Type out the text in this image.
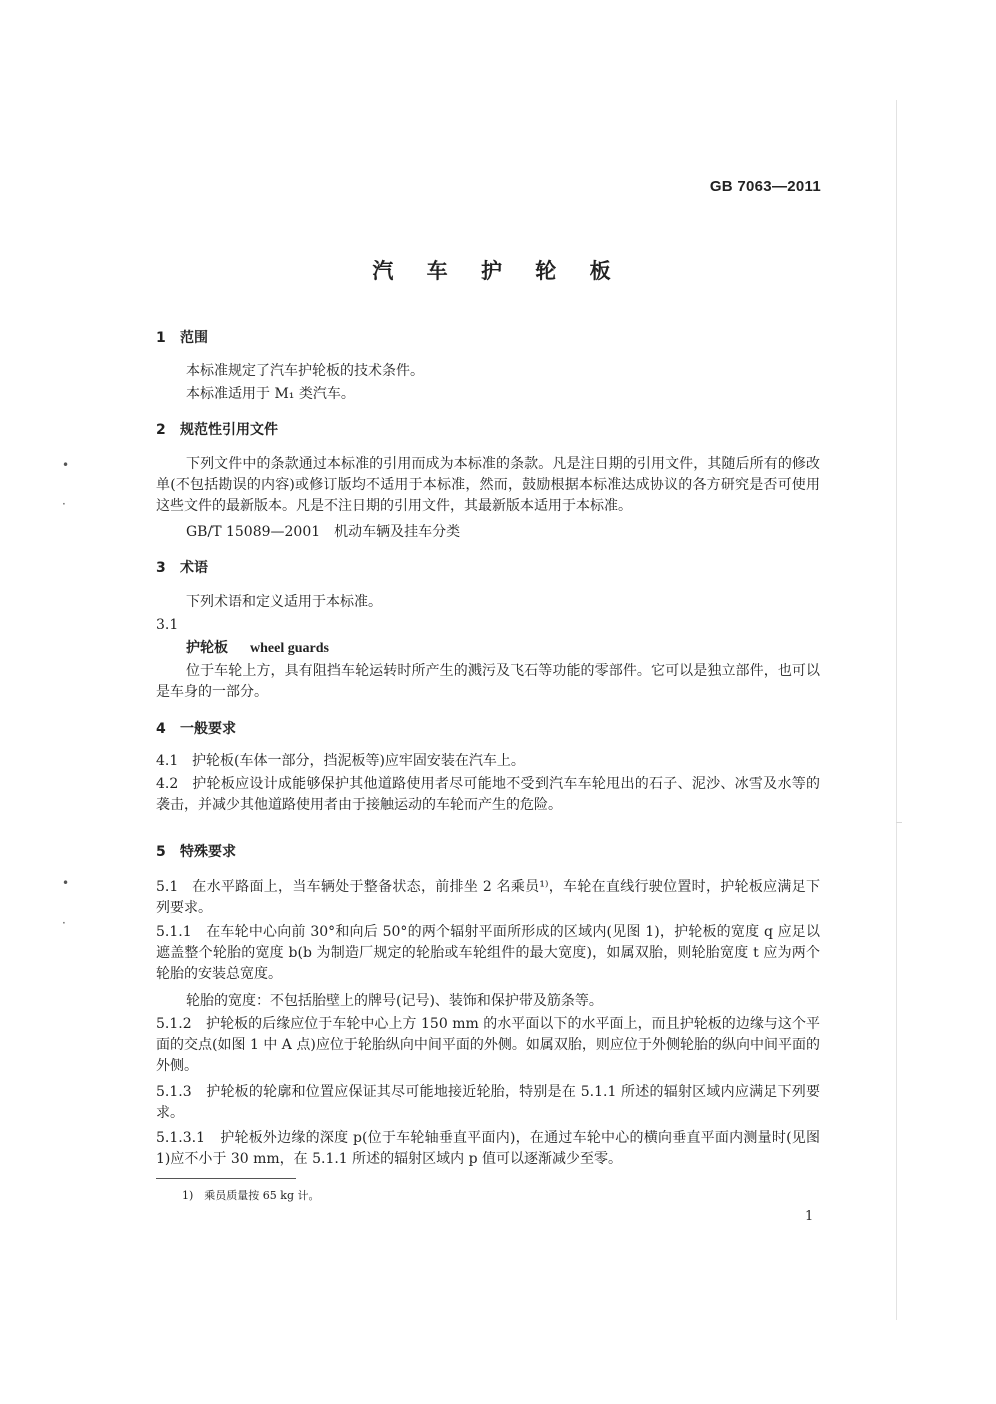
•
·
•
·
GB 7063—2011
汽 车 护 轮 板
1 范围
本标准规定了汽车护轮板的技术条件。
本标准适用于 M₁ 类汽车。
2 规范性引用文件
下列文件中的条款通过本标准的引用而成为本标准的条款。凡是注日期的引用文件，其随后所有的修改单(不包括勘误的内容)或修订版均不适用于本标准，然而，鼓励根据本标准达成协议的各方研究是否可使用这些文件的最新版本。凡是不注日期的引用文件，其最新版本适用于本标准。
GB/T 15089—2001　机动车辆及挂车分类
3 术语
下列术语和定义适用于本标准。
3.1
护轮板 wheel guards
位于车轮上方，具有阻挡车轮运转时所产生的溅污及飞石等功能的零部件。它可以是独立部件，也可以是车身的一部分。
4 一般要求
4.1 护轮板(车体一部分，挡泥板等)应牢固安装在汽车上。
4.2 护轮板应设计成能够保护其他道路使用者尽可能地不受到汽车车轮甩出的石子、泥沙、冰雪及水等的袭击，并减少其他道路使用者由于接触运动的车轮而产生的危险。
5 特殊要求
5.1 在水平路面上，当车辆处于整备状态，前排坐 2 名乘员¹⁾，车轮在直线行驶位置时，护轮板应满足下列要求。
5.1.1 在车轮中心向前 30°和向后 50°的两个辐射平面所形成的区域内(见图 1)，护轮板的宽度 q 应足以遮盖整个轮胎的宽度 b(b 为制造厂规定的轮胎或车轮组件的最大宽度)，如属双胎，则轮胎宽度 t 应为两个轮胎的安装总宽度。
轮胎的宽度：不包括胎壁上的牌号(记号)、装饰和保护带及筋条等。
5.1.2 护轮板的后缘应位于车轮中心上方 150 mm 的水平面以下的水平面上，而且护轮板的边缘与这个平面的交点(如图 1 中 A 点)应位于轮胎纵向中间平面的外侧。如属双胎，则应位于外侧轮胎的纵向中间平面的外侧。
5.1.3 护轮板的轮廓和位置应保证其尽可能地接近轮胎，特别是在 5.1.1 所述的辐射区域内应满足下列要求。
5.1.3.1 护轮板外边缘的深度 p(位于车轮轴垂直平面内)，在通过车轮中心的横向垂直平面内测量时(见图 1)应不小于 30 mm，在 5.1.1 所述的辐射区域内 p 值可以逐渐减少至零。
1)　乘员质量按 65 kg 计。
1
